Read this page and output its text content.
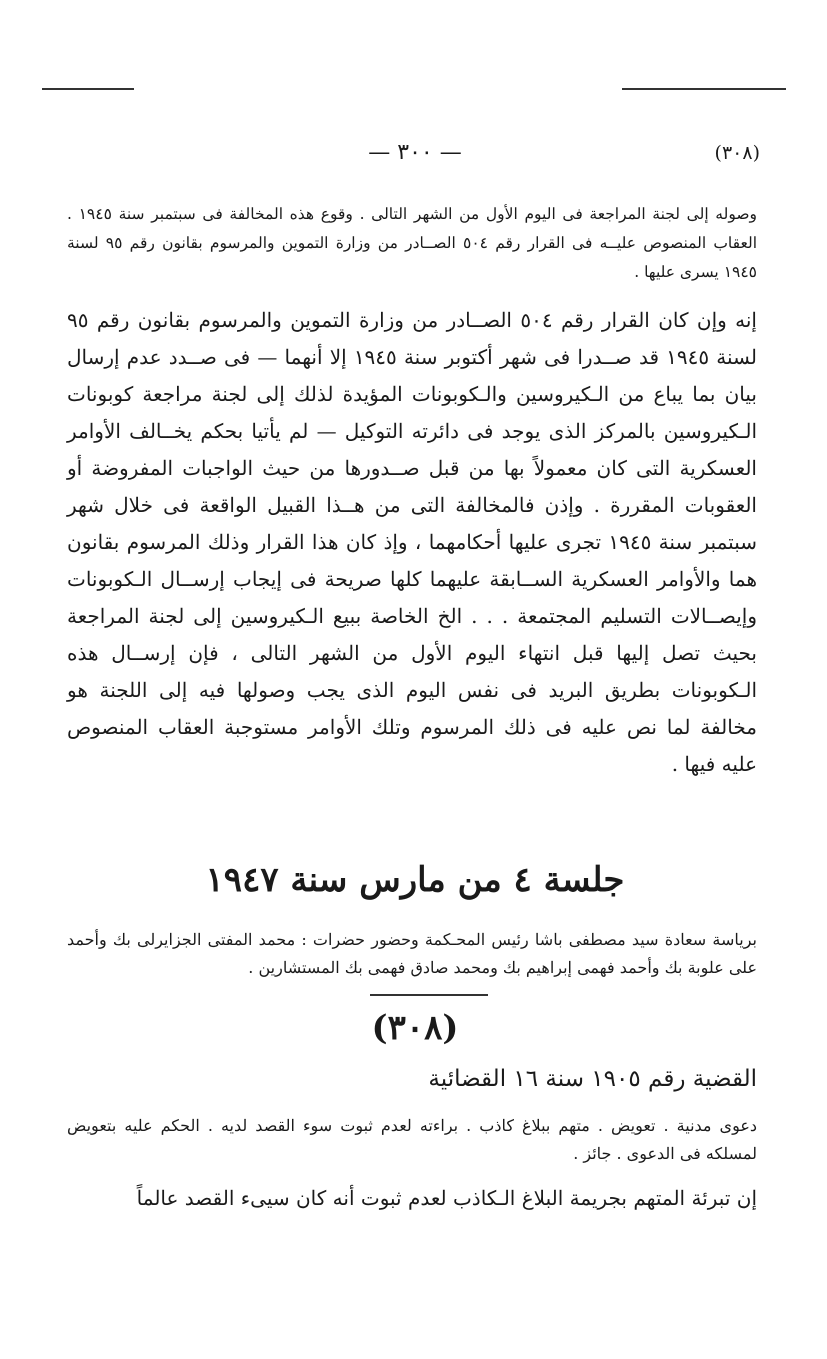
(٣٠٨)
— ٣٠٠ —

وصوله إلى لجنة المراجعة فى اليوم الأول من الشهر التالى . وقوع هذه المخالفة فى سبتمبر سنة ١٩٤٥ . العقاب المنصوص عليــه فى القرار رقم ٥٠٤ الصــادر من وزارة التموين والمرسوم بقانون رقم ٩٥ لسنة ١٩٤٥ يسرى عليها .

إنه وإن كان القرار رقم ٥٠٤ الصــادر من وزارة التموين والمرسوم بقانون رقم ٩٥ لسنة ١٩٤٥ قد صــدرا فى شهر أكتوبر سنة ١٩٤٥ إلا أنهما — فى صــدد عدم إرسال بيان بما يباع من الـكيروسين والـكوبونات المؤيدة لذلك إلى لجنة مراجعة كوبونات الـكيروسين بالمركز الذى يوجد فى دائرته التوكيل — لم يأتيا بحكم يخــالف الأوامر العسكرية التى كان معمولاً بها من قبل صــدورها من حيث الواجبات المفروضة أو العقوبات المقررة . وإذن فالمخالفة التى من هــذا القبيل الواقعة فى خلال شهر سبتمبر سنة ١٩٤٥ تجرى عليها أحكامهما ، وإذ كان هذا القرار وذلك المرسوم بقانون هما والأوامر العسكرية الســابقة عليهما كلها صريحة فى إيجاب إرســال الـكوبونات وإيصــالات التسليم المجتمعة . . . الخ الخاصة ببيع الـكيروسين إلى لجنة المراجعة بحيث تصل إليها قبل انتهاء اليوم الأول من الشهر التالى ، فإن إرســال هذه الـكوبونات بطريق البريد فى نفس اليوم الذى يجب وصولها فيه إلى اللجنة هو مخالفة لما نص عليه فى ذلك المرسوم وتلك الأوامر مستوجبة العقاب المنصوص عليه فيها .

جلسة ٤ من مارس سنة ١٩٤٧

برياسة سعادة سيد مصطفى باشا رئيس المحـكمة وحضور حضرات : محمد المفتى الجزايرلى بك وأحمد على علوبة بك وأحمد فهمى إبراهيم بك ومحمد صادق فهمى بك المستشارين .

(٣٠٨)

القضية رقم ١٩٠٥ سنة ١٦ القضائية

دعوى مدنية . تعويض . متهم ببلاغ كاذب . براءته لعدم ثبوت سوء القصد لديه . الحكم عليه بتعويض لمسلكه فى الدعوى . جائز .

إن تبرئة المتهم بجريمة البلاغ الـكاذب لعدم ثبوت أنه كان سيىء القصد عالماً
